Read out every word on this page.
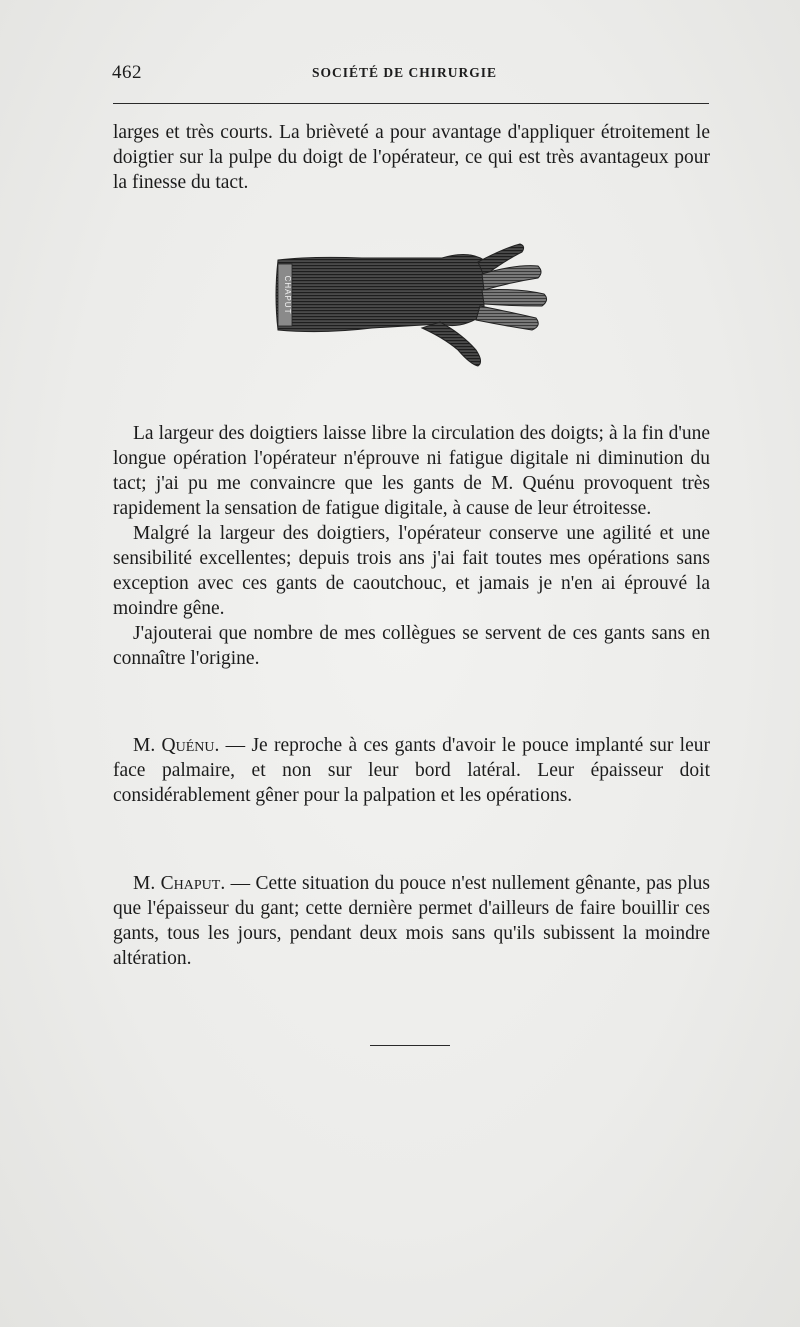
462	SOCIÉTÉ DE CHIRURGIE

larges et très courts. La brièveté a pour avantage d'appliquer étroitement le doigtier sur la pulpe du doigt de l'opérateur, ce qui est très avantageux pour la finesse du tact.

CHAPUT

La largeur des doigtiers laisse libre la circulation des doigts; à la fin d'une longue opération l'opérateur n'éprouve ni fatigue digitale ni diminution du tact; j'ai pu me convaincre que les gants de M. Quénu provoquent très rapidement la sensation de fatigue digitale, à cause de leur étroitesse.

Malgré la largeur des doigtiers, l'opérateur conserve une agilité et une sensibilité excellentes; depuis trois ans j'ai fait toutes mes opérations sans exception avec ces gants de caoutchouc, et jamais je n'en ai éprouvé la moindre gêne.

J'ajouterai que nombre de mes collègues se servent de ces gants sans en connaître l'origine.

M. Quénu. — Je reproche à ces gants d'avoir le pouce implanté sur leur face palmaire, et non sur leur bord latéral. Leur épaisseur doit considérablement gêner pour la palpation et les opérations.

M. Chaput. — Cette situation du pouce n'est nullement gênante, pas plus que l'épaisseur du gant; cette dernière permet d'ailleurs de faire bouillir ces gants, tous les jours, pendant deux mois sans qu'ils subissent la moindre altération.
